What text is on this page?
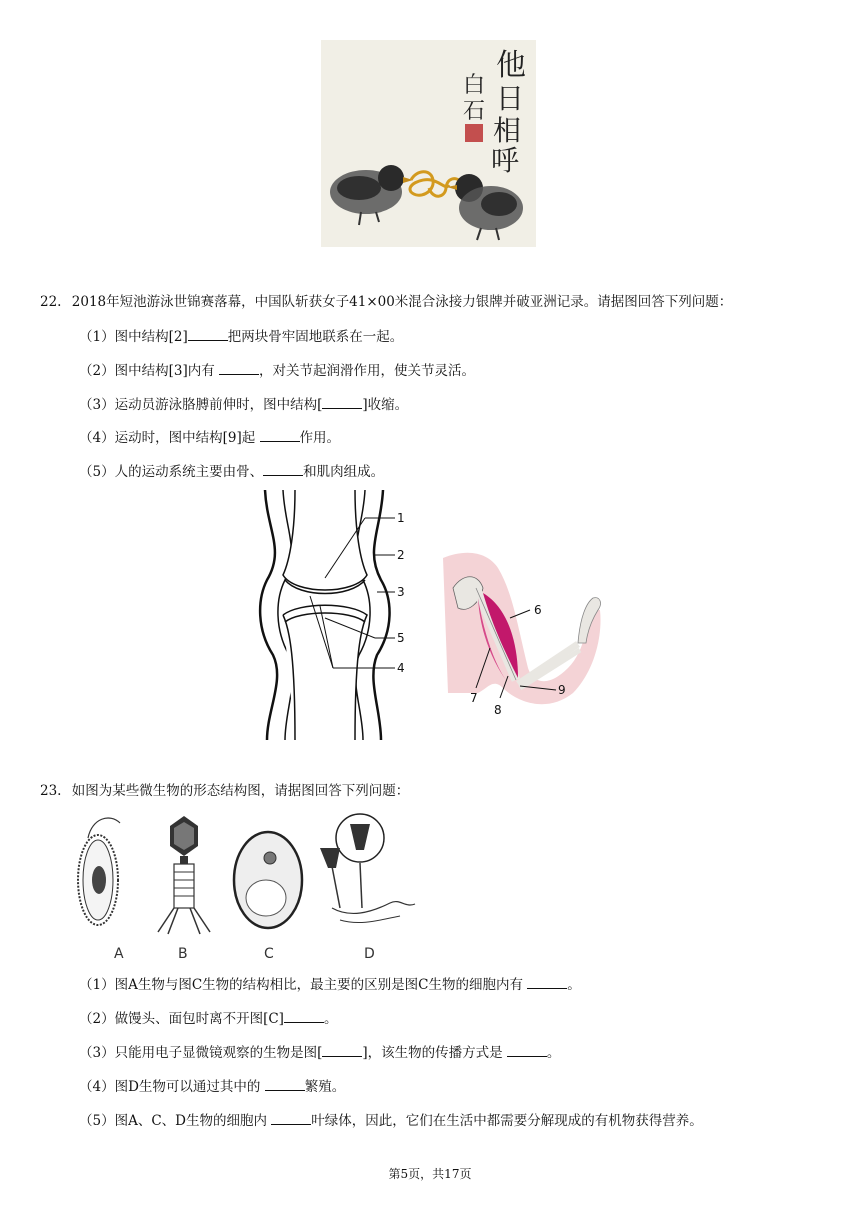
他
日
相
呼
白
石
22. 2018年短池游泳世锦赛落幕，中国队斩获女子41×00米混合泳接力银牌并破亚洲记录。请据图回答下列问题：
（1）图中结构[2]	把两块骨牢固地联系在一起。
（2）图中结构[3]内有	，对关节起润滑作用，使关节灵活。
（3）运动员游泳胳膊前伸时，图中结构[	]收缩。
（4）运动时，图中结构[9]起	作用。
（5）人的运动系统主要由骨、	和肌肉组成。
1
2
3
5
4
6
7
8
9
23. 如图为某些微生物的形态结构图，请据图回答下列问题：
A	B	C	D
（1）图A生物与图C生物的结构相比，最主要的区别是图C生物的细胞内有	。
（2）做馒头、面包时离不开图[C]	。
（3）只能用电子显微镜观察的生物是图[	]，该生物的传播方式是	。
（4）图D生物可以通过其中的	繁殖。
（5）图A、C、D生物的细胞内	叶绿体，因此，它们在生活中都需要分解现成的有机物获得营养。
第5页，共17页
